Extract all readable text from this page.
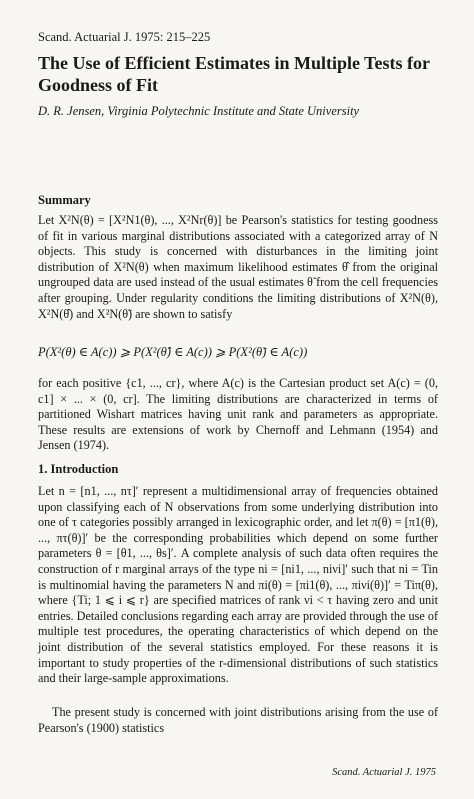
Scand. Actuarial J. 1975: 215–225
The Use of Efficient Estimates in Multiple Tests for Goodness of Fit
D. R. Jensen, Virginia Polytechnic Institute and State University
Summary

Let X²N(θ) = [X²N1(θ), ..., X²Nr(θ)] be Pearson's statistics for testing goodness of fit in various marginal distributions associated with a categorized array of N objects. This study is concerned with disturbances in the limiting joint distribution of X²N(θ) when maximum likelihood estimates θ̂ from the original ungrouped data are used instead of the usual estimates θ̃ from the cell frequencies after grouping. Under regularity conditions the limiting distributions of X²N(θ), X²N(θ̂) and X²N(θ̃) are shown to satisfy

P(X²(θ) ∈ A(c)) ⩾ P(X²(θ̂) ∈ A(c)) ⩾ P(X²(θ̃) ∈ A(c))

for each positive {c1, ..., cr}, where A(c) is the Cartesian product set A(c) = (0, c1] × ... × (0, cr]. The limiting distributions are characterized in terms of partitioned Wishart matrices having unit rank and parameters as appropriate. These results are extensions of work by Chernoff and Lehmann (1954) and Jensen (1974).

1. Introduction

Let n = [n1, ..., nτ]′ represent a multidimensional array of frequencies obtained upon classifying each of N observations from some underlying distribution into one of τ categories possibly arranged in lexicographic order, and let π(θ) = [π1(θ), ..., πτ(θ)]′ be the corresponding probabilities which depend on some further parameters θ = [θ1, ..., θs]′. A complete analysis of such data often requires the construction of r marginal arrays of the type ni = [ni1, ..., niνi]′ such that ni = Tin is multinomial having the parameters N and πi(θ) = [πi1(θ), ..., πiνi(θ)]′ = Tiπ(θ), where {Ti; 1 ⩽ i ⩽ r} are specified matrices of rank νi < τ having zero and unit entries. Detailed conclusions regarding each array are provided through the use of multiple test procedures, the operating characteristics of which depend on the joint distribution of the several statistics employed. For these reasons it is important to study properties of the r-dimensional distributions of such statistics and their large-sample approximations.

The present study is concerned with joint distributions arising from the use of Pearson's (1900) statistics

Scand. Actuarial J. 1975
